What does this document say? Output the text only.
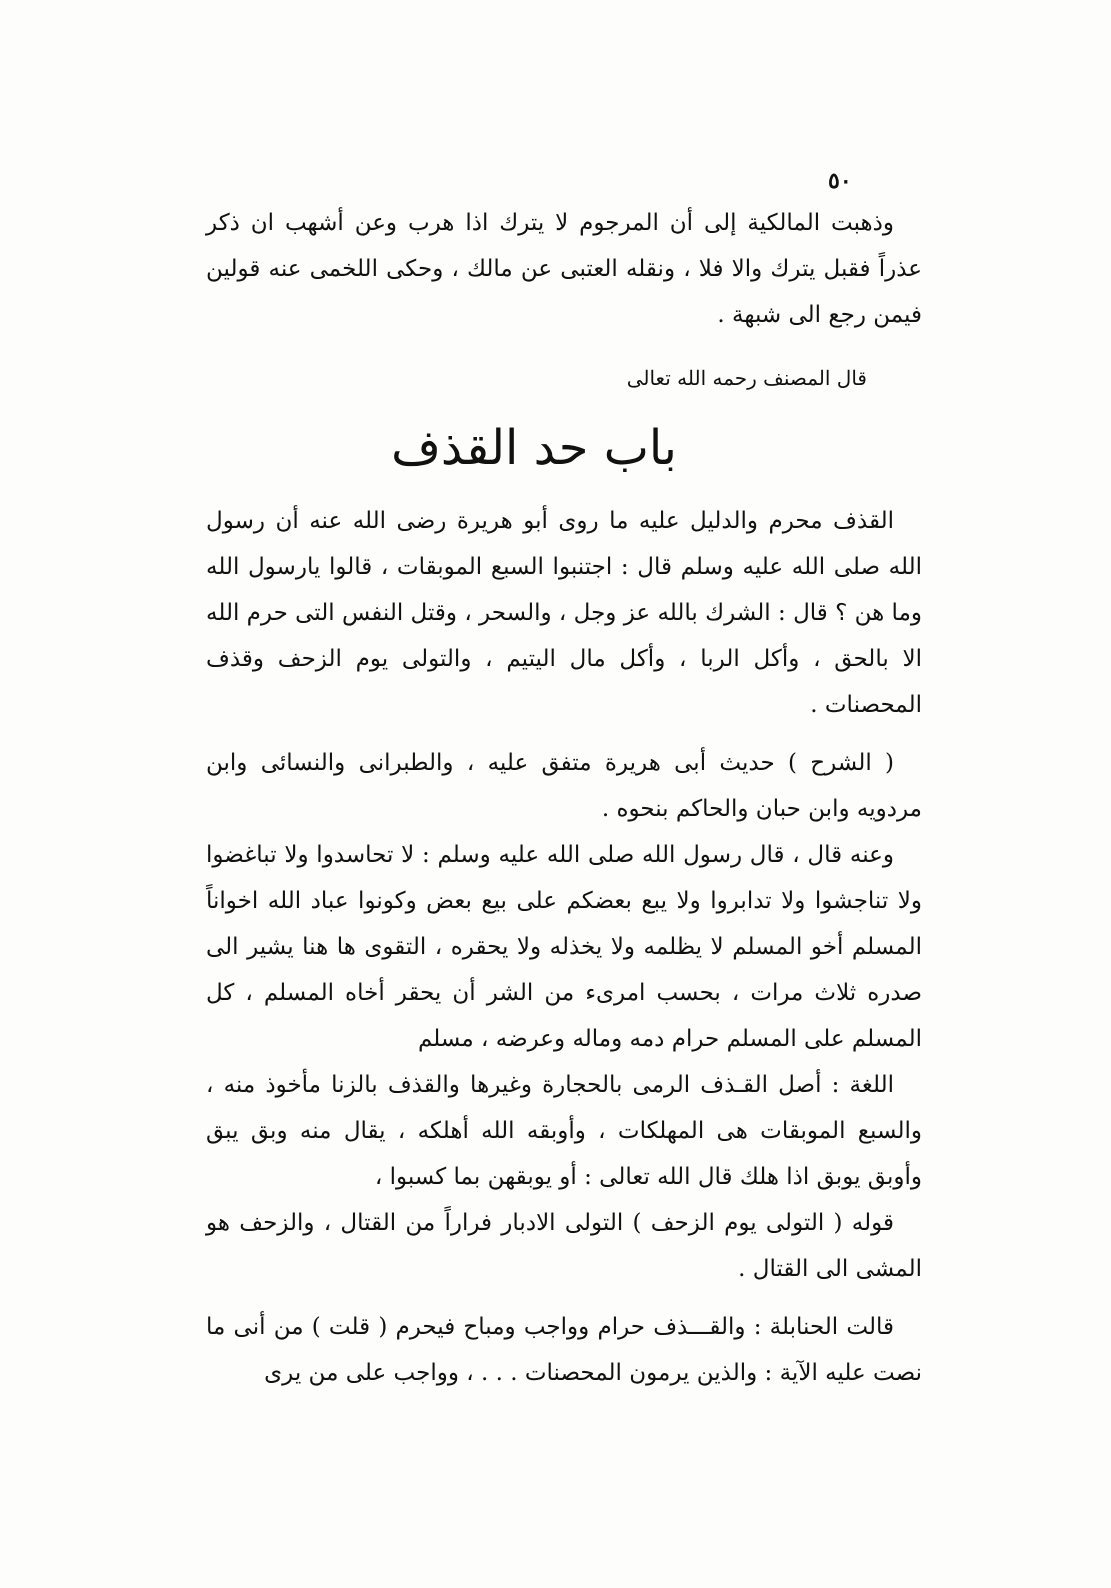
٥٠

وذهبت المالكية إلى أن المرجوم لا يترك اذا هرب وعن أشهب ان ذكر عذراً فقبل يترك والا فلا ، ونقله العتبى عن مالك ، وحكى اللخمى عنه قولين فيمن رجع الى شبهة .

قال المصنف رحمه الله تعالى

باب حد القذف

القذف محرم والدليل عليه ما روى أبو هريرة رضى الله عنه أن رسول الله صلى الله عليه وسلم قال : اجتنبوا السبع الموبقات ، قالوا يارسول الله وما هن ؟ قال : الشرك بالله عز وجل ، والسحر ، وقتل النفس التى حرم الله الا بالحق ، وأكل الربا ، وأكل مال اليتيم ، والتولى يوم الزحف وقذف المحصنات .

( الشرح ) حديث أبى هريرة متفق عليه ، والطبرانى والنسائى وابن مردويه وابن حبان والحاكم بنحوه .

وعنه قال ، قال رسول الله صلى الله عليه وسلم : لا تحاسدوا ولا تباغضوا ولا تناجشوا ولا تدابروا ولا يبع بعضكم على بيع بعض وكونوا عباد الله اخواناً المسلم أخو المسلم لا يظلمه ولا يخذله ولا يحقره ، التقوى ها هنا يشير الى صدره ثلاث مرات ، بحسب امرىء من الشر أن يحقر أخاه المسلم ، كل المسلم على المسلم حرام دمه وماله وعرضه ، مسلم

اللغة : أصل القـذف الرمى بالحجارة وغيرها والقذف بالزنا مأخوذ منه ، والسبع الموبقات هى المهلكات ، وأوبقه الله أهلكه ، يقال منه وبق يبق وأوبق يوبق اذا هلك قال الله تعالى : أو يوبقهن بما كسبوا ،

قوله ( التولى يوم الزحف ) التولى الادبار فراراً من القتال ، والزحف هو المشى الى القتال .

قالت الحنابلة : والقـــذف حرام وواجب ومباح فيحرم ( قلت ) من أنى ما نصت عليه الآية : والذين يرمون المحصنات . . . ، وواجب على من يرى
